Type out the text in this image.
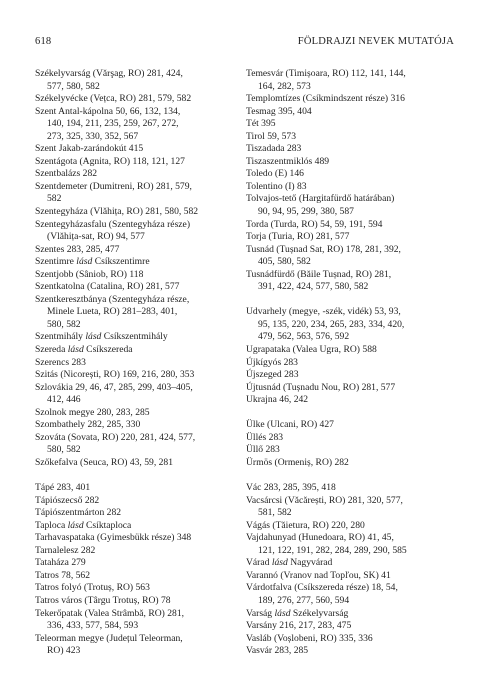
618	FÖLDRAJZI NEVEK MUTATÓJA
Székelyvarság (Vărşag, RO) 281, 424,
577, 580, 582
Székelyvécke (Vețca, RO) 281, 579, 582
Szent Antal-kápolna 50, 66, 132, 134,
140, 194, 211, 235, 259, 267, 272,
273, 325, 330, 352, 567
Szent Jakab-zarándokút 415
Szentágota (Agnita, RO) 118, 121, 127
Szentbalázs 282
Szentdemeter (Dumitreni, RO) 281, 579,
582
Szentegyháza (Vlăhița, RO) 281, 580, 582
Szentegyházasfalu (Szentegyháza része)
(Vlăhița-sat, RO) 94, 577
Szentes 283, 285, 477
Szentimre lásd Csíkszentimre
Szentjobb (Sâniob, RO) 118
Szentkatolna (Catalina, RO) 281, 577
Szentkeresztbánya (Szentegyháza része,
Minele Lueta, RO) 281–283, 401,
580, 582
Szentmihály lásd Csíkszentmihály
Szereda lásd Csíkszereda
Szerencs 283
Szitás (Nicorești, RO) 169, 216, 280, 353
Szlovákia 29, 46, 47, 285, 299, 403–405,
412, 446
Szolnok megye 280, 283, 285
Szombathely 282, 285, 330
Szováta (Sovata, RO) 220, 281, 424, 577,
580, 582
Szőkefalva (Seuca, RO) 43, 59, 281
Tápé 283, 401
Tápiószecső 282
Tápiószentmárton 282
Taploca lásd Csíktaploca
Tarhavaspataka (Gyimesbükk része) 348
Tarnalelesz 282
Tataháza 279
Tatros 78, 562
Tatros folyó (Trotuș, RO) 563
Tatros város (Târgu Trotuș, RO) 78
Tekerőpatak (Valea Strâmbă, RO) 281,
336, 433, 577, 584, 593
Teleorman megye (Județul Teleorman,
RO) 423
Temesvár (Timișoara, RO) 112, 141, 144,
164, 282, 573
Templomtízes (Csíkmindszent része) 316
Tesmag 395, 404
Tét 395
Tirol 59, 573
Tiszadada 283
Tiszaszentmiklós 489
Toledo (E) 146
Tolentino (I) 83
Tolvajos-tető (Hargitafürdő határában)
90, 94, 95, 299, 380, 587
Torda (Turda, RO) 54, 59, 191, 594
Torja (Turia, RO) 281, 577
Tusnád (Tușnad Sat, RO) 178, 281, 392,
405, 580, 582
Tusnádfürdő (Băile Tușnad, RO) 281,
391, 422, 424, 577, 580, 582
Udvarhely (megye, -szék, vidék) 53, 93,
95, 135, 220, 234, 265, 283, 334, 420,
479, 562, 563, 576, 592
Ugrapataka (Valea Ugra, RO) 588
Újkígyós 283
Újszeged 283
Újtusnád (Tușnadu Nou, RO) 281, 577
Ukrajna 46, 242
Ülke (Ulcani, RO) 427
Üllés 283
Üllő 283
Ürmös (Ormeniș, RO) 282
Vác 283, 285, 395, 418
Vacsárcsi (Văcărești, RO) 281, 320, 577,
581, 582
Vágás (Tăietura, RO) 220, 280
Vajdahunyad (Hunedoara, RO) 41, 45,
121, 122, 191, 282, 284, 289, 290, 585
Várad lásd Nagyvárad
Varannó (Vranov nad Topľou, SK) 41
Várdotfalva (Csíkszereda része) 18, 54,
189, 276, 277, 560, 594
Varság lásd Székelyvarság
Varsány 216, 217, 283, 475
Vasláb (Voșlobeni, RO) 335, 336
Vasvár 283, 285
